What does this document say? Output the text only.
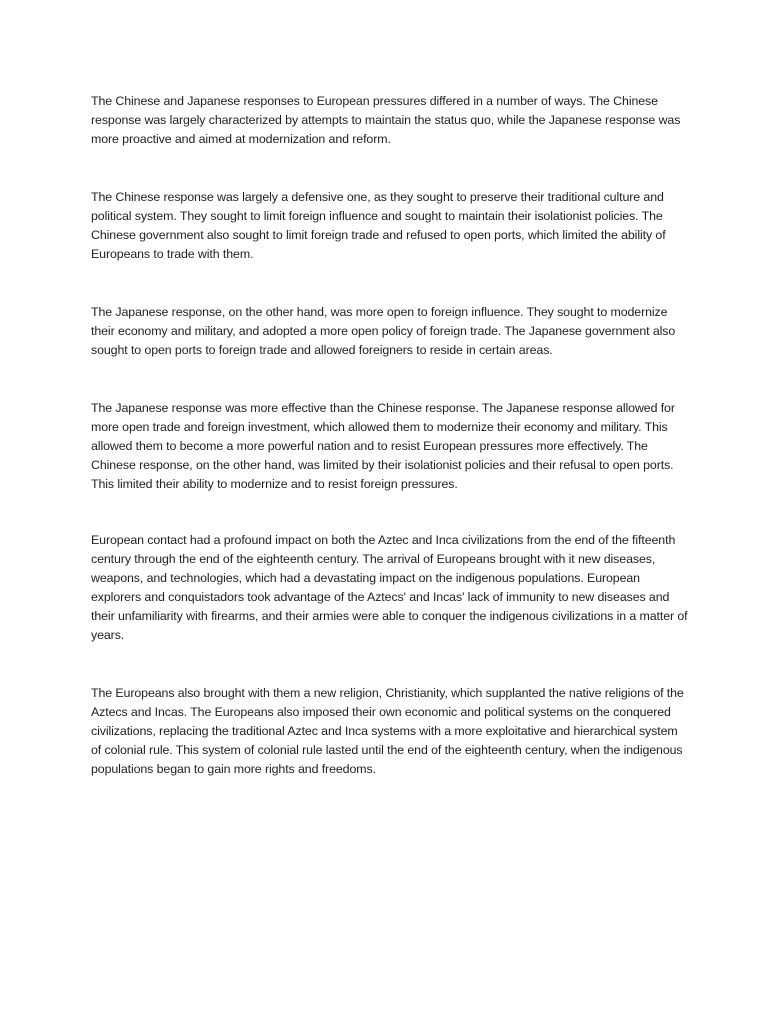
The Chinese and Japanese responses to European pressures differed in a number of ways. The Chinese response was largely characterized by attempts to maintain the status quo, while the Japanese response was more proactive and aimed at modernization and reform.

The Chinese response was largely a defensive one, as they sought to preserve their traditional culture and political system. They sought to limit foreign influence and sought to maintain their isolationist policies. The Chinese government also sought to limit foreign trade and refused to open ports, which limited the ability of Europeans to trade with them.

The Japanese response, on the other hand, was more open to foreign influence. They sought to modernize their economy and military, and adopted a more open policy of foreign trade. The Japanese government also sought to open ports to foreign trade and allowed foreigners to reside in certain areas.

The Japanese response was more effective than the Chinese response. The Japanese response allowed for more open trade and foreign investment, which allowed them to modernize their economy and military. This allowed them to become a more powerful nation and to resist European pressures more effectively. The Chinese response, on the other hand, was limited by their isolationist policies and their refusal to open ports. This limited their ability to modernize and to resist foreign pressures.

European contact had a profound impact on both the Aztec and Inca civilizations from the end of the fifteenth century through the end of the eighteenth century. The arrival of Europeans brought with it new diseases, weapons, and technologies, which had a devastating impact on the indigenous populations. European explorers and conquistadors took advantage of the Aztecs' and Incas' lack of immunity to new diseases and their unfamiliarity with firearms, and their armies were able to conquer the indigenous civilizations in a matter of years.

The Europeans also brought with them a new religion, Christianity, which supplanted the native religions of the Aztecs and Incas. The Europeans also imposed their own economic and political systems on the conquered civilizations, replacing the traditional Aztec and Inca systems with a more exploitative and hierarchical system of colonial rule. This system of colonial rule lasted until the end of the eighteenth century, when the indigenous populations began to gain more rights and freedoms.
